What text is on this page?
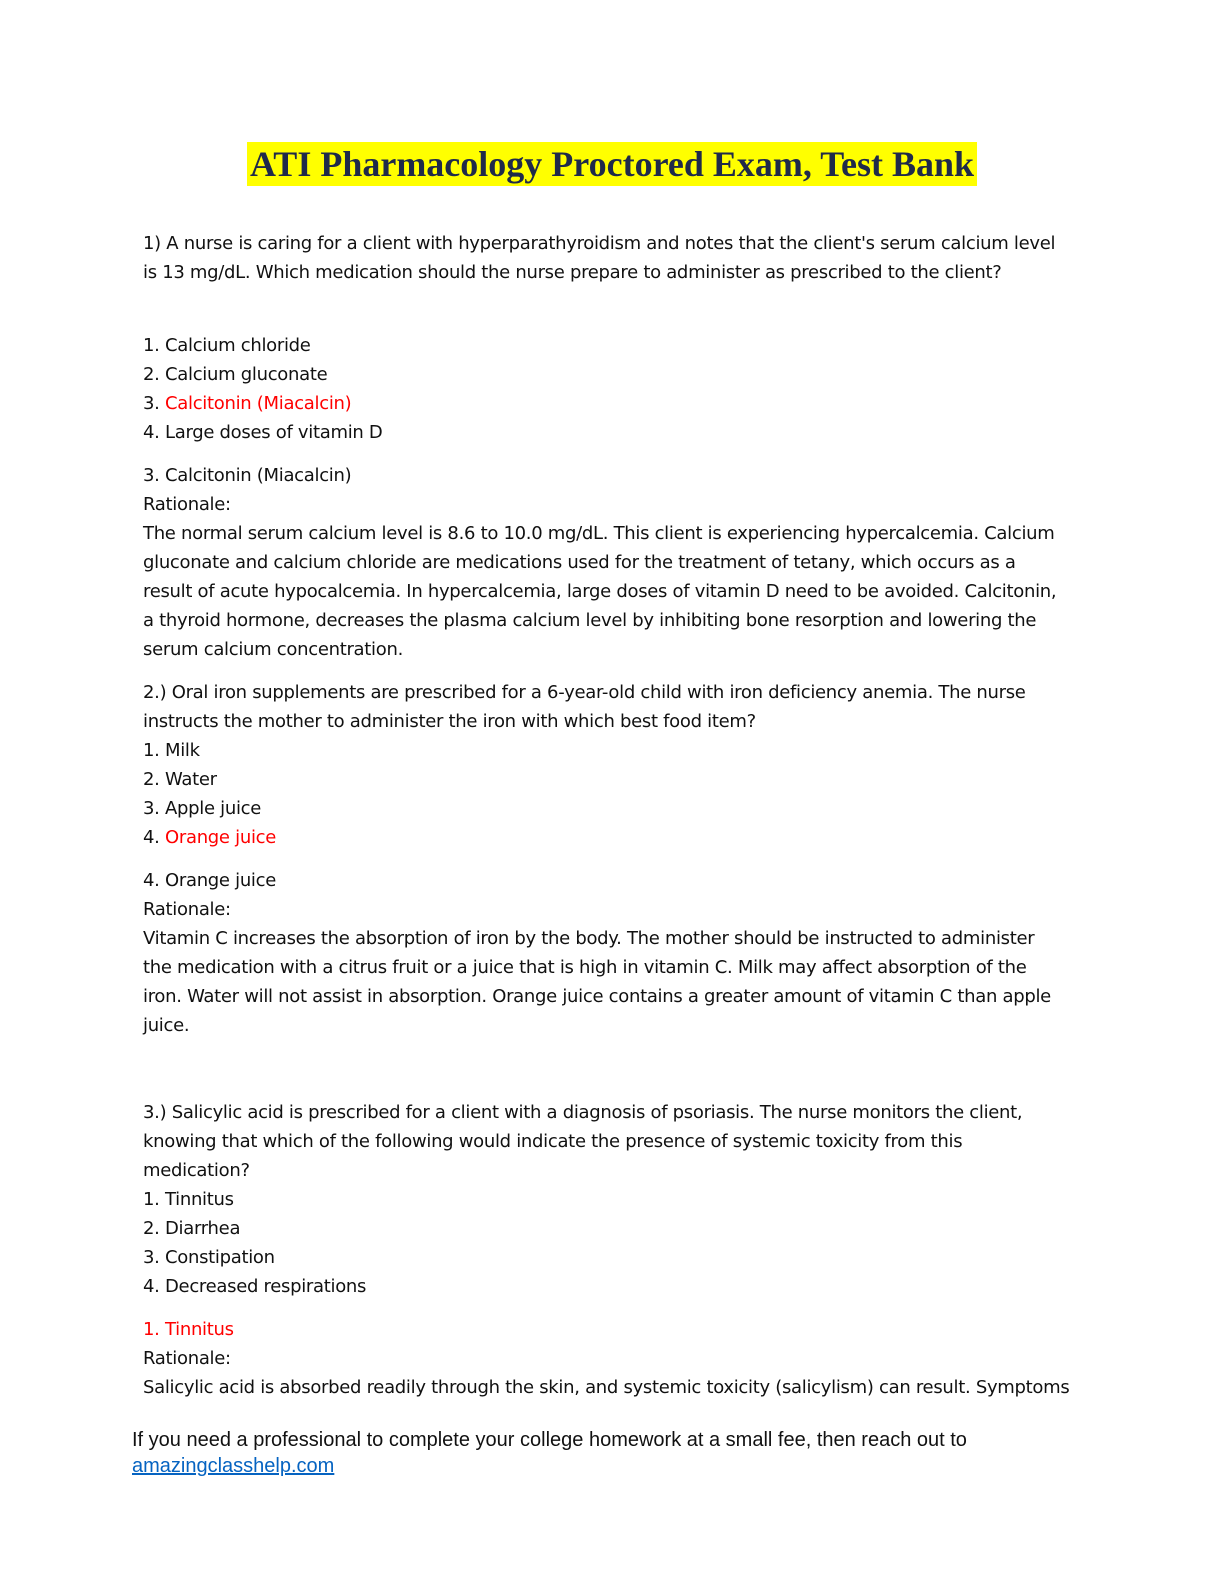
ATI Pharmacology Proctored Exam, Test Bank
1) A nurse is caring for a client with hyperparathyroidism and notes that the client's serum calcium level
is 13 mg/dL. Which medication should the nurse prepare to administer as prescribed to the client?
1. Calcium chloride
2. Calcium gluconate
3. Calcitonin (Miacalcin)
4. Large doses of vitamin D
3. Calcitonin (Miacalcin)
Rationale:
The normal serum calcium level is 8.6 to 10.0 mg/dL. This client is experiencing hypercalcemia. Calcium
gluconate and calcium chloride are medications used for the treatment of tetany, which occurs as a
result of acute hypocalcemia. In hypercalcemia, large doses of vitamin D need to be avoided. Calcitonin,
a thyroid hormone, decreases the plasma calcium level by inhibiting bone resorption and lowering the
serum calcium concentration.
2.) Oral iron supplements are prescribed for a 6-year-old child with iron deficiency anemia. The nurse
instructs the mother to administer the iron with which best food item?
1. Milk
2. Water
3. Apple juice
4. Orange juice
4. Orange juice
Rationale:
Vitamin C increases the absorption of iron by the body. The mother should be instructed to administer
the medication with a citrus fruit or a juice that is high in vitamin C. Milk may affect absorption of the
iron. Water will not assist in absorption. Orange juice contains a greater amount of vitamin C than apple
juice.
3.) Salicylic acid is prescribed for a client with a diagnosis of psoriasis. The nurse monitors the client,
knowing that which of the following would indicate the presence of systemic toxicity from this
medication?
1. Tinnitus
2. Diarrhea
3. Constipation
4. Decreased respirations
1. Tinnitus
Rationale:
Salicylic acid is absorbed readily through the skin, and systemic toxicity (salicylism) can result. Symptoms
If you need a professional to complete your college homework at a small fee, then reach out to
amazingclasshelp.com
